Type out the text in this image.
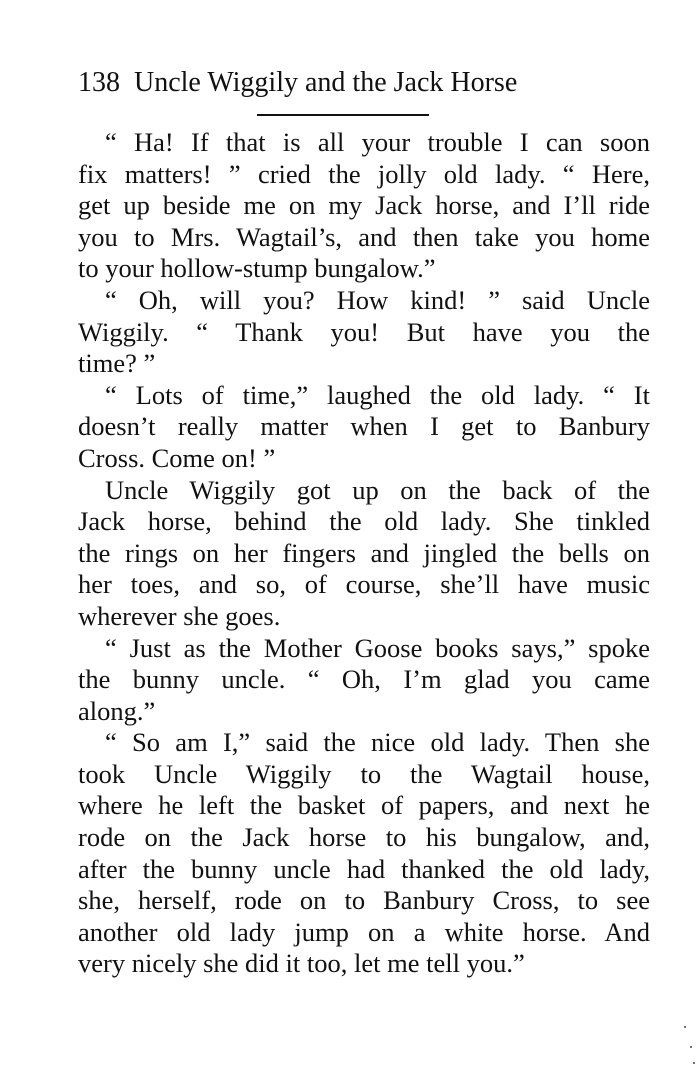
138 Uncle Wiggily and the Jack Horse
“ Ha! If that is all your trouble I can soon
fix matters! ” cried the jolly old lady. “ Here,
get up beside me on my Jack horse, and I’ll ride
you to Mrs. Wagtail’s, and then take you home
to your hollow-stump bungalow.”
“ Oh, will you? How kind! ” said Uncle
Wiggily. “ Thank you! But have you the
time? ”
“ Lots of time,” laughed the old lady. “ It
doesn’t really matter when I get to Banbury
Cross. Come on! ”
Uncle Wiggily got up on the back of the
Jack horse, behind the old lady. She tinkled
the rings on her fingers and jingled the bells on
her toes, and so, of course, she’ll have music
wherever she goes.
“ Just as the Mother Goose books says,” spoke
the bunny uncle. “ Oh, I’m glad you came
along.”
“ So am I,” said the nice old lady. Then she
took Uncle Wiggily to the Wagtail house,
where he left the basket of papers, and next he
rode on the Jack horse to his bungalow, and,
after the bunny uncle had thanked the old lady,
she, herself, rode on to Banbury Cross, to see
another old lady jump on a white horse. And
very nicely she did it too, let me tell you.”
